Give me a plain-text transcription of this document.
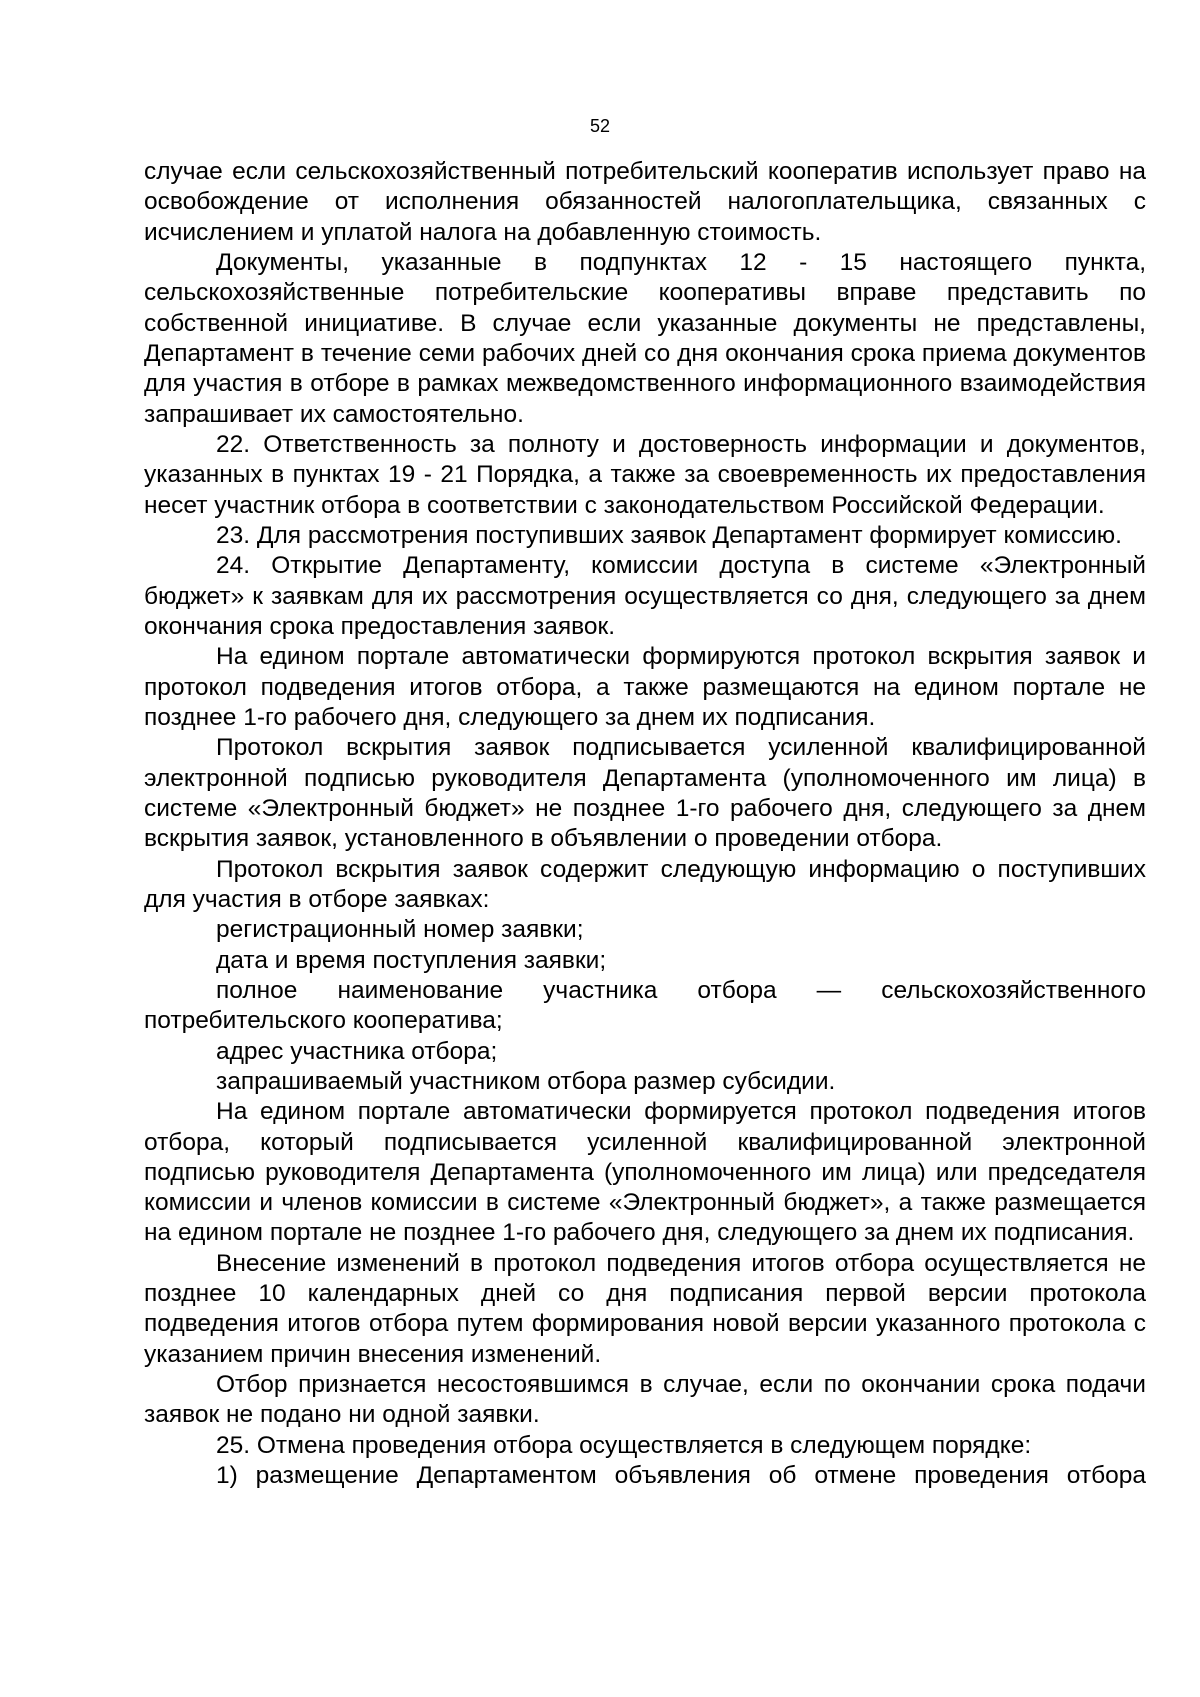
52

случае если сельскохозяйственный потребительский кооператив использует право на освобождение от исполнения обязанностей налогоплательщика, связанных с исчислением и уплатой налога на добавленную стоимость.

Документы, указанные в подпунктах 12 - 15 настоящего пункта, сельскохозяйственные потребительские кооперативы вправе представить по собственной инициативе. В случае если указанные документы не представлены, Департамент в течение семи рабочих дней со дня окончания срока приема документов для участия в отборе в рамках межведомственного информационного взаимодействия запрашивает их самостоятельно.

22. Ответственность за полноту и достоверность информации и документов, указанных в пунктах 19 - 21 Порядка, а также за своевременность их предоставления несет участник отбора в соответствии с законодательством Российской Федерации.

23. Для рассмотрения поступивших заявок Департамент формирует комиссию.

24. Открытие Департаменту, комиссии доступа в системе «Электронный бюджет» к заявкам для их рассмотрения осуществляется со дня, следующего за днем окончания срока предоставления заявок.

На едином портале автоматически формируются протокол вскрытия заявок и протокол подведения итогов отбора, а также размещаются на едином портале не позднее 1-го рабочего дня, следующего за днем их подписания.

Протокол вскрытия заявок подписывается усиленной квалифицированной электронной подписью руководителя Департамента (уполномоченного им лица) в системе «Электронный бюджет» не позднее 1-го рабочего дня, следующего за днем вскрытия заявок, установленного в объявлении о проведении отбора.

Протокол вскрытия заявок содержит следующую информацию о поступивших для участия в отборе заявках:

регистрационный номер заявки;

дата и время поступления заявки;

полное наименование участника отбора — сельскохозяйственного потребительского кооператива;

адрес участника отбора;

запрашиваемый участником отбора размер субсидии.

На едином портале автоматически формируется протокол подведения итогов отбора, который подписывается усиленной квалифицированной электронной подписью руководителя Департамента (уполномоченного им лица) или председателя комиссии и членов комиссии в системе «Электронный бюджет», а также размещается на едином портале не позднее 1-го рабочего дня, следующего за днем их подписания.

Внесение изменений в протокол подведения итогов отбора осуществляется не позднее 10 календарных дней со дня подписания первой версии протокола подведения итогов отбора путем формирования новой версии указанного протокола с указанием причин внесения изменений.

Отбор признается несостоявшимся в случае, если по окончании срока подачи заявок не подано ни одной заявки.

25. Отмена проведения отбора осуществляется в следующем порядке:

1) размещение Департаментом объявления об отмене проведения отбора
